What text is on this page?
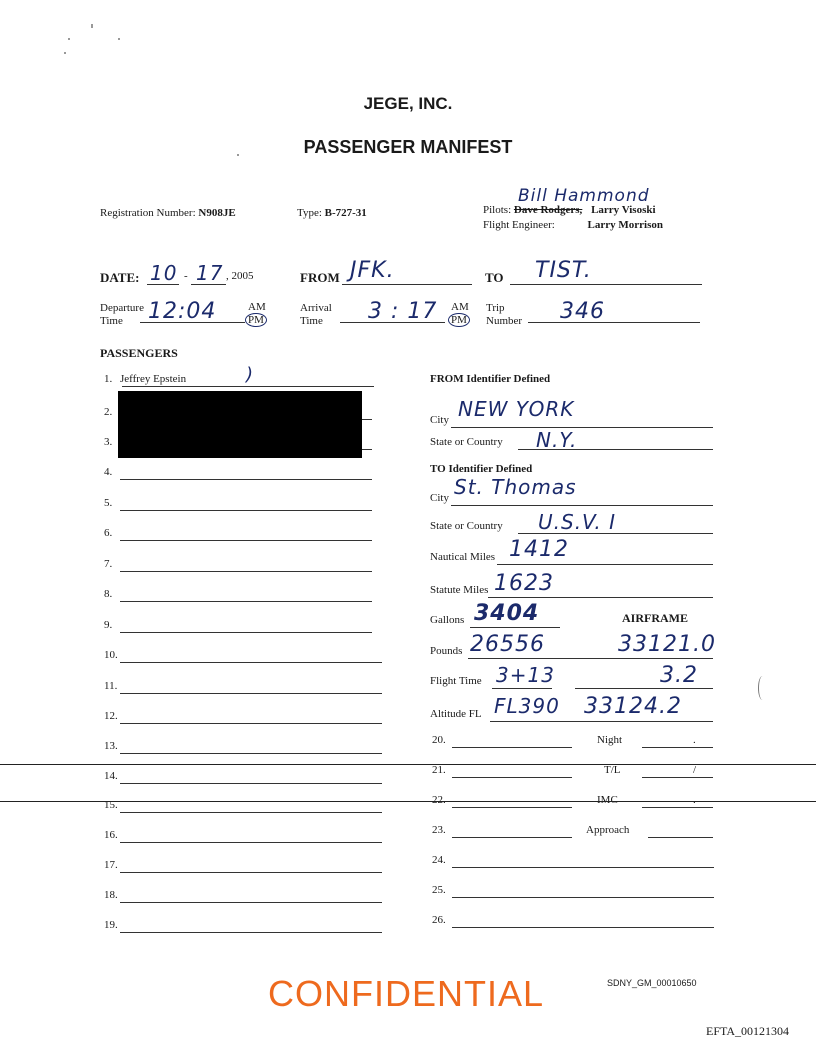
JEGE, INC.
PASSENGER MANIFEST
Registration Number: N908JE	Type: B-727-31
Bill Hammond
Pilots: Dave Rodgers, Larry Visoski
Flight Engineer:	Larry Morrison
DATE: 10 - 17 , 2005	FROM JFK.	TO TIST.
Departure
Time	12:04	AM
PM
Arrival
Time	3 : 17 AM
PM
Trip
Number 346
PASSENGERS
1. Jeffrey Epstein
2.
3.
4.
5.
6.
7.
8.
9.
10.
11.
12.
13.
14.
15.
16.
17.
18.
19.
)	FROM Identifier Defined
City NEW YORK
State or Country N.Y.
TO Identifier Defined
City St. Thomas
State or Country U.S.V. I
Nautical Miles 1412
Statute Miles 1623
Gallons 3404	AIRFRAME
Pounds 26556	33121.0
Flight Time 3+13	3.2
Altitude FL FL390 33124.2
20.	Night	.
21.	T/L	/
22.	IMC	.
23.	Approach
24.
25.
26.
CONFIDENTIAL	SDNY_GM_00010650
EFTA_00121304
